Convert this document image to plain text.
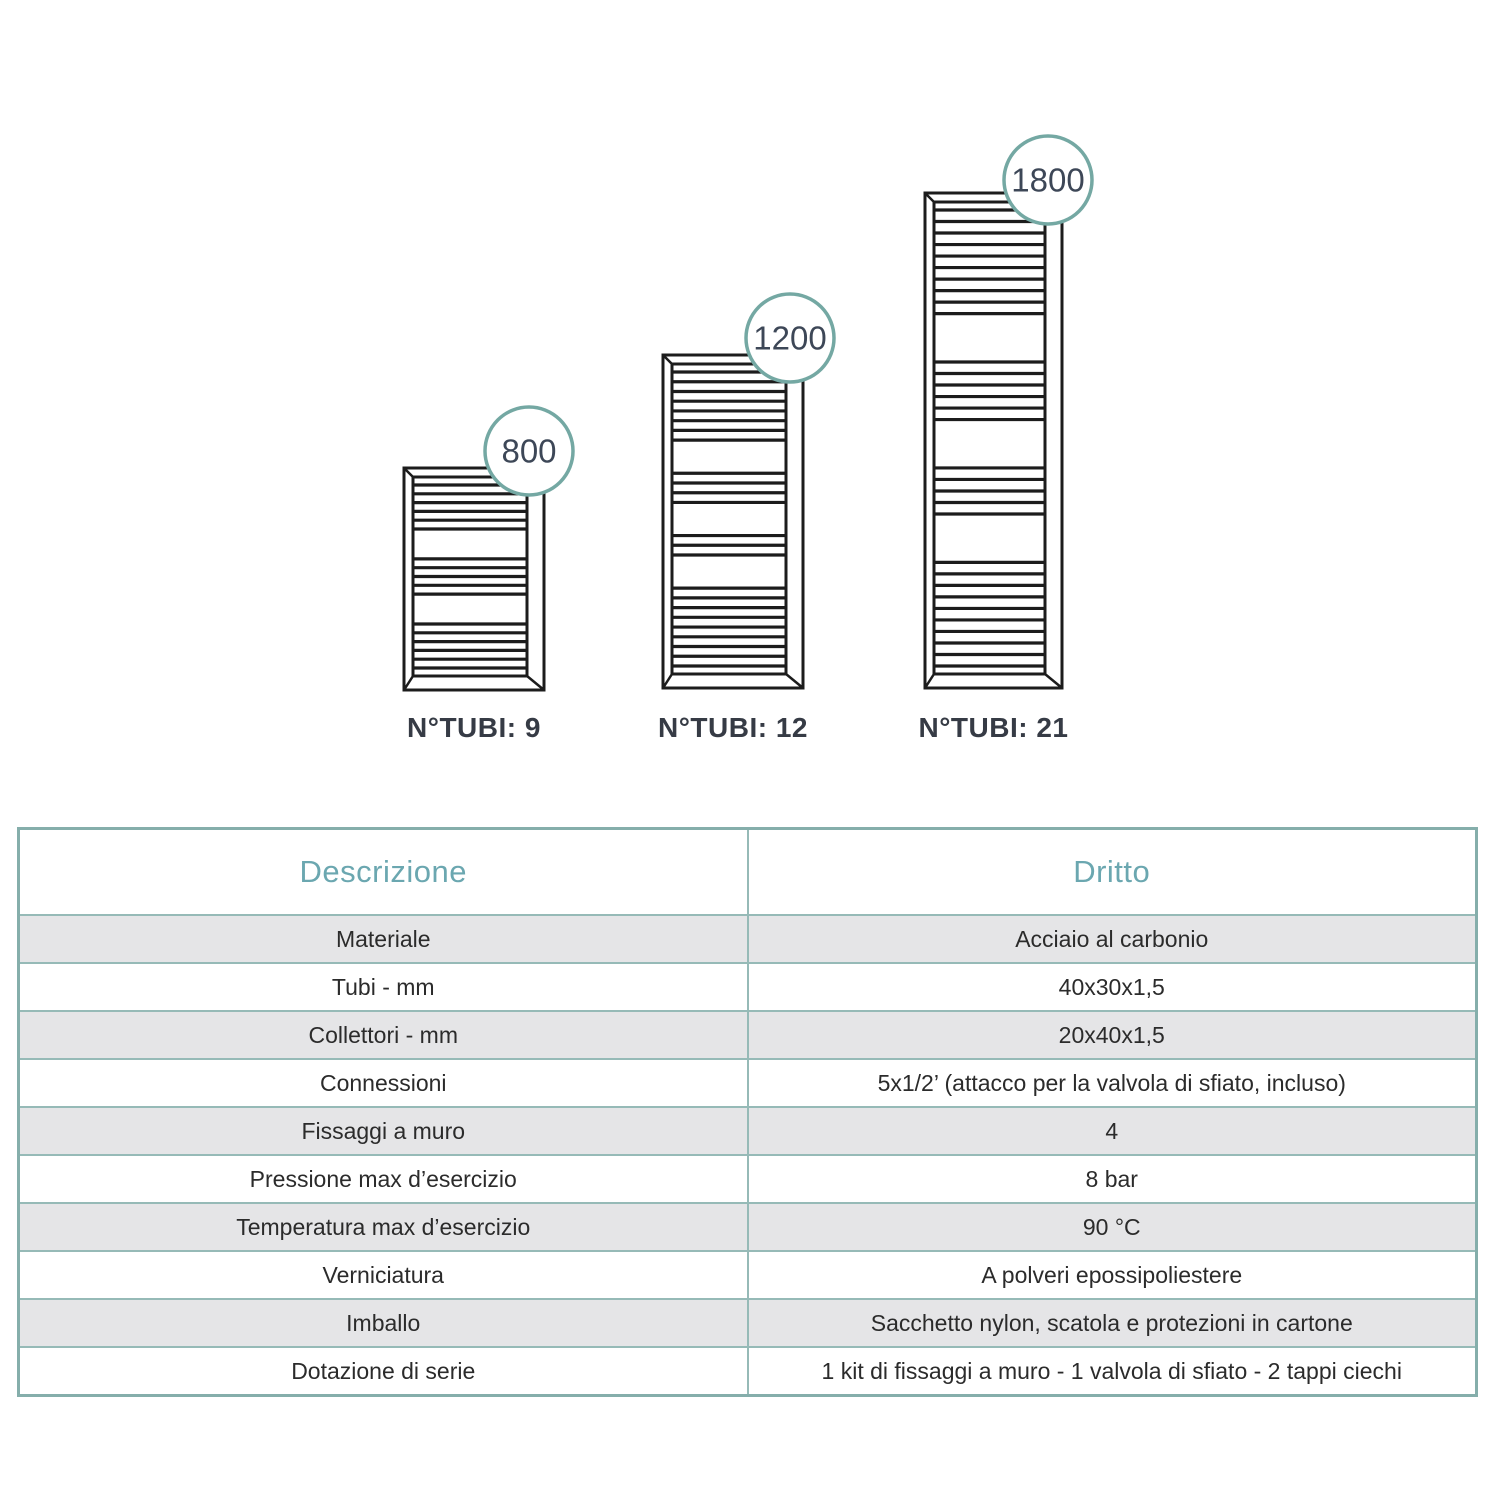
800
N°TUBI: 9
1200
N°TUBI: 12
1800
N°TUBI: 21
Descrizione	Dritto
Materiale	Acciaio al carbonio
Tubi - mm	40x30x1,5
Collettori - mm	20x40x1,5
Connessioni	5x1/2’ (attacco per la valvola di sfiato, incluso)
Fissaggi a muro	4
Pressione max d’esercizio	8 bar
Temperatura max d’esercizio	90 °C
Verniciatura	A polveri epossipoliestere
Imballo	Sacchetto nylon, scatola e protezioni in cartone
Dotazione di serie	1 kit di fissaggi a muro - 1 valvola di sfiato - 2 tappi ciechi
